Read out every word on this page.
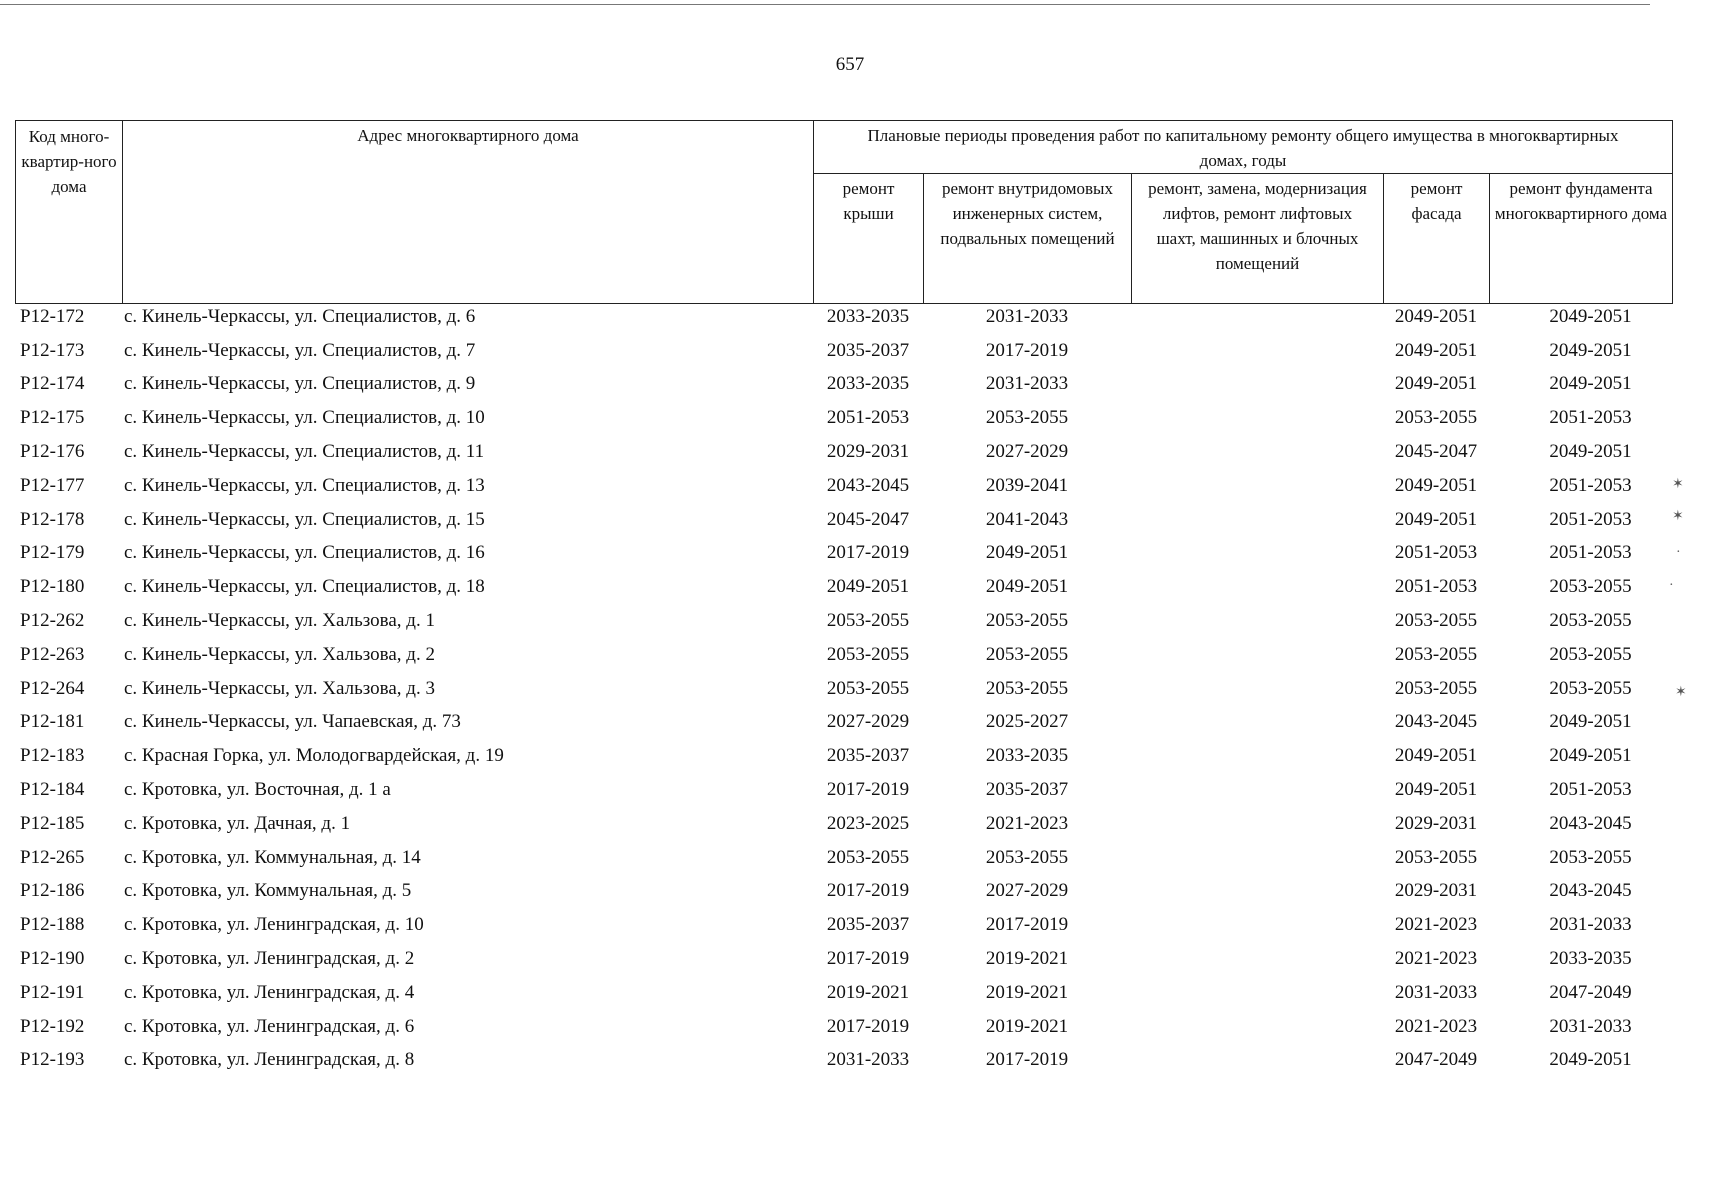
657
Код много-квартир-ного дома	Адрес многоквартирного дома	Плановые периоды проведения работ по капитальному ремонту общего имущества в многоквартирных домах, годы				
		ремонт крыши	ремонт внутридомовых инженерных систем, подвальных помещений	ремонт, замена, модернизация лифтов, ремонт лифтовых шахт, машинных и блочных помещений	ремонт фасада	ремонт фундамента многоквартирного дома
Р12-172	с. Кинель-Черкассы, ул. Специалистов, д. 6	2033-2035	2031-2033		2049-2051	2049-2051
Р12-173	с. Кинель-Черкассы, ул. Специалистов, д. 7	2035-2037	2017-2019		2049-2051	2049-2051
Р12-174	с. Кинель-Черкассы, ул. Специалистов, д. 9	2033-2035	2031-2033		2049-2051	2049-2051
Р12-175	с. Кинель-Черкассы, ул. Специалистов, д. 10	2051-2053	2053-2055		2053-2055	2051-2053
Р12-176	с. Кинель-Черкассы, ул. Специалистов, д. 11	2029-2031	2027-2029		2045-2047	2049-2051
Р12-177	с. Кинель-Черкассы, ул. Специалистов, д. 13	2043-2045	2039-2041		2049-2051	2051-2053
Р12-178	с. Кинель-Черкассы, ул. Специалистов, д. 15	2045-2047	2041-2043		2049-2051	2051-2053
Р12-179	с. Кинель-Черкассы, ул. Специалистов, д. 16	2017-2019	2049-2051		2051-2053	2051-2053
Р12-180	с. Кинель-Черкассы, ул. Специалистов, д. 18	2049-2051	2049-2051		2051-2053	2053-2055
Р12-262	с. Кинель-Черкассы, ул. Хальзова, д. 1	2053-2055	2053-2055		2053-2055	2053-2055
Р12-263	с. Кинель-Черкассы, ул. Хальзова, д. 2	2053-2055	2053-2055		2053-2055	2053-2055
Р12-264	с. Кинель-Черкассы, ул. Хальзова, д. 3	2053-2055	2053-2055		2053-2055	2053-2055
Р12-181	с. Кинель-Черкассы, ул. Чапаевская, д. 73	2027-2029	2025-2027		2043-2045	2049-2051
Р12-183	с. Красная Горка, ул. Молодогвардейская, д. 19	2035-2037	2033-2035		2049-2051	2049-2051
Р12-184	с. Кротовка, ул. Восточная, д. 1 а	2017-2019	2035-2037		2049-2051	2051-2053
Р12-185	с. Кротовка, ул. Дачная, д. 1	2023-2025	2021-2023		2029-2031	2043-2045
Р12-265	с. Кротовка, ул. Коммунальная, д. 14	2053-2055	2053-2055		2053-2055	2053-2055
Р12-186	с. Кротовка, ул. Коммунальная, д. 5	2017-2019	2027-2029		2029-2031	2043-2045
Р12-188	с. Кротовка, ул. Ленинградская, д. 10	2035-2037	2017-2019		2021-2023	2031-2033
Р12-190	с. Кротовка, ул. Ленинградская, д. 2	2017-2019	2019-2021		2021-2023	2033-2035
Р12-191	с. Кротовка, ул. Ленинградская, д. 4	2019-2021	2019-2021		2031-2033	2047-2049
Р12-192	с. Кротовка, ул. Ленинградская, д. 6	2017-2019	2019-2021		2021-2023	2031-2033
Р12-193	с. Кротовка, ул. Ленинградская, д. 8	2031-2033	2017-2019		2047-2049	2049-2051
✶
✶
✶
·
·
